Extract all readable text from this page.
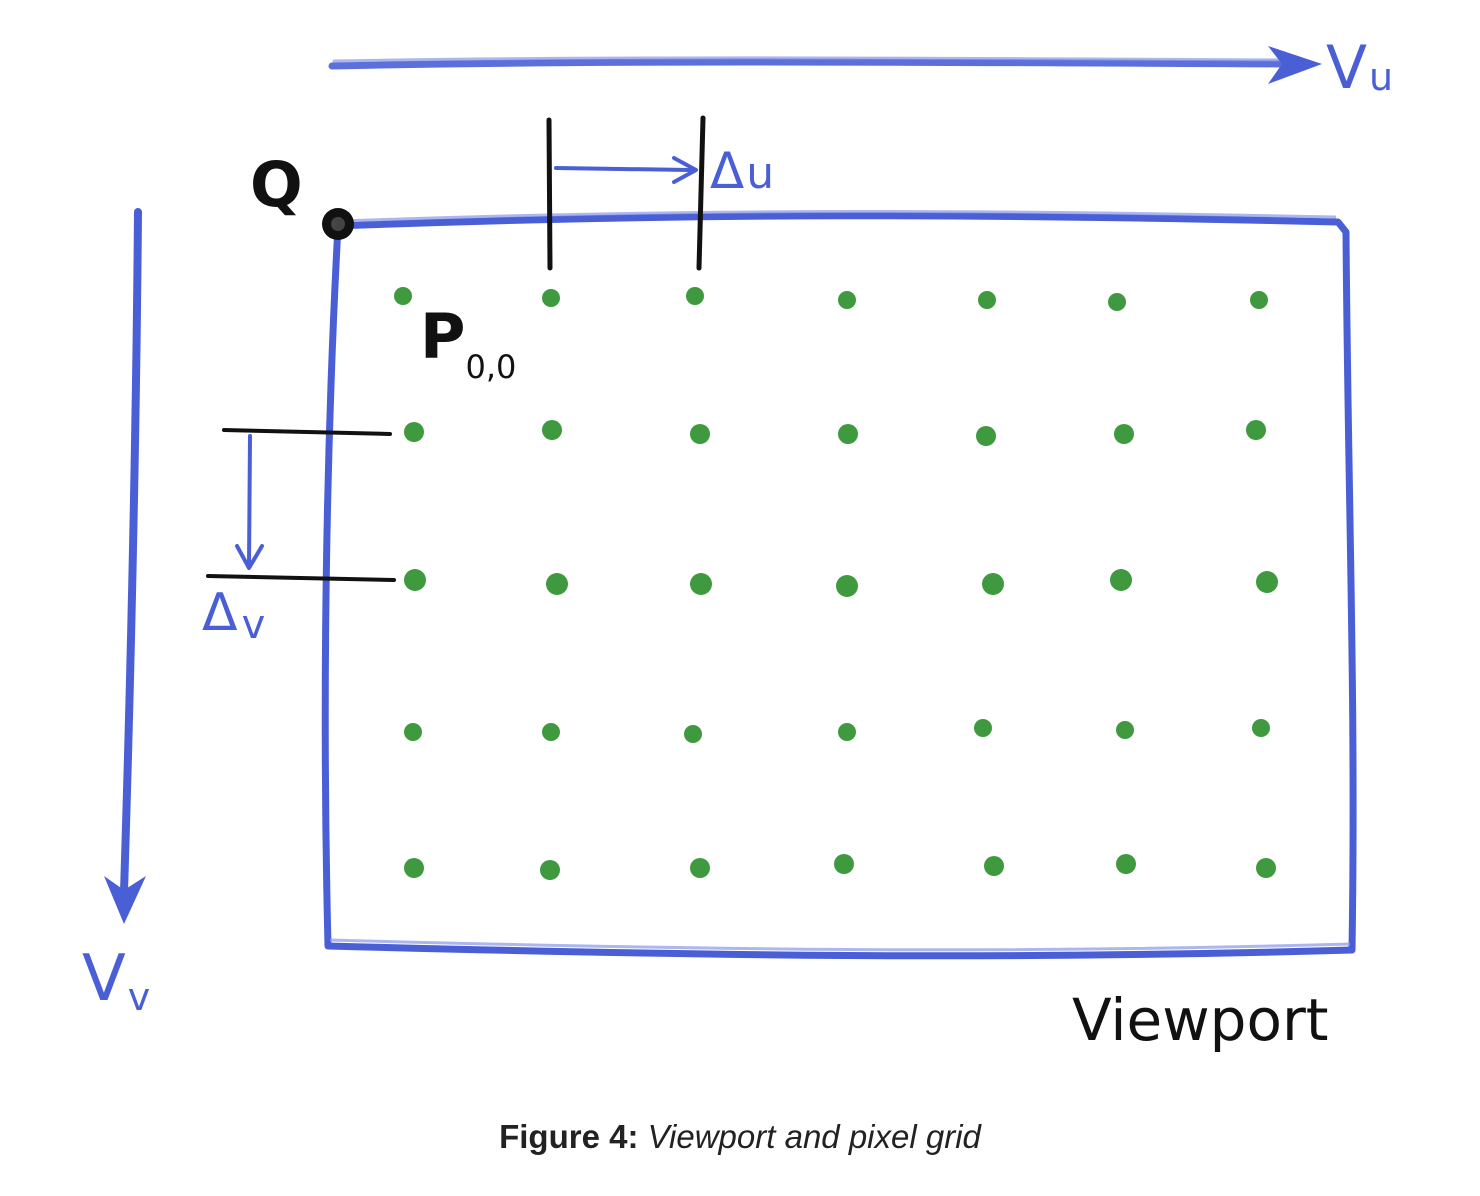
Vu
Vv
Q	Δu
Δ v
$P_{0,0}$
Viewport
Figure 4: Viewport and pixel grid
